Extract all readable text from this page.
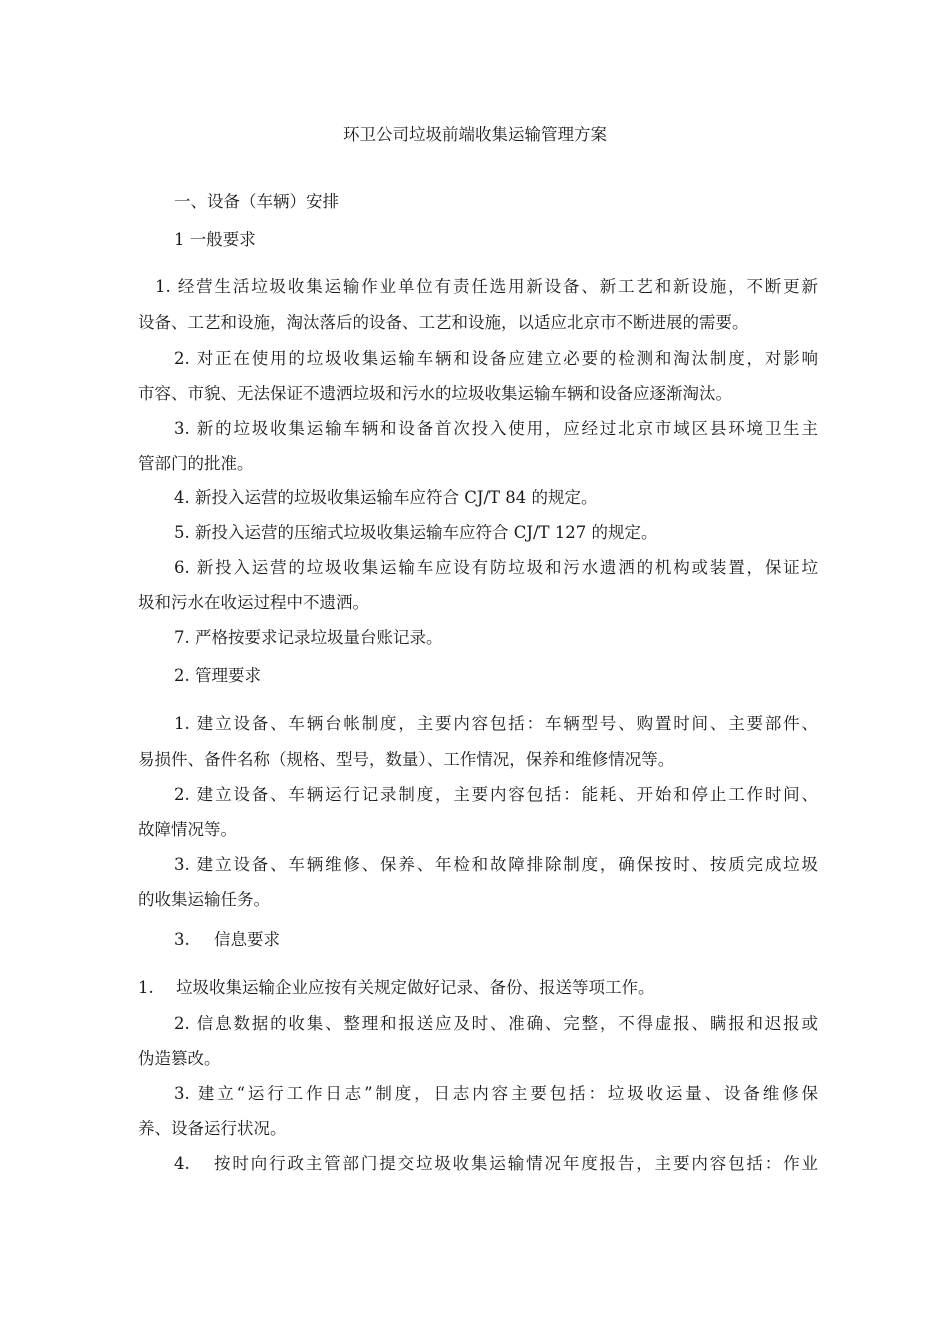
环卫公司垃圾前端收集运输管理方案
一、设备（车辆）安排
1 一般要求
1. 经营生活垃圾收集运输作业单位有责任选用新设备、新工艺和新设施，不断更新
设备、工艺和设施，淘汰落后的设备、工艺和设施，以适应北京市不断进展的需要。
2. 对正在使用的垃圾收集运输车辆和设备应建立必要的检测和淘汰制度，对影响
市容、市貌、无法保证不遗洒垃圾和污水的垃圾收集运输车辆和设备应逐渐淘汰。
3. 新的垃圾收集运输车辆和设备首次投入使用，应经过北京市域区县环境卫生主
管部门的批准。
4. 新投入运营的垃圾收集运输车应符合 CJ/T 84 的规定。
5. 新投入运营的压缩式垃圾收集运输车应符合 CJ/T 127 的规定。
6. 新投入运营的垃圾收集运输车应设有防垃圾和污水遗洒的机构或装置，保证垃
圾和污水在收运过程中不遗洒。
7. 严格按要求记录垃圾量台账记录。
2. 管理要求
1. 建立设备、车辆台帐制度，主要内容包括：车辆型号、购置时间、主要部件、
易损件、备件名称（规格、型号，数量）、工作情况，保养和维修情况等。
2. 建立设备、车辆运行记录制度，主要内容包括：能耗、开始和停止工作时间、
故障情况等。
3. 建立设备、车辆维修、保养、年检和故障排除制度，确保按时、按质完成垃圾
的收集运输任务。
3. 信息要求
1. 垃圾收集运输企业应按有关规定做好记录、备份、报送等项工作。
2. 信息数据的收集、整理和报送应及时、准确、完整，不得虚报、瞒报和迟报或
伪造篡改。
3. 建立“运行工作日志”制度，日志内容主要包括：垃圾收运量、设备维修保
养、设备运行状况。
4. 按时向行政主管部门提交垃圾收集运输情况年度报告，主要内容包括：作业
